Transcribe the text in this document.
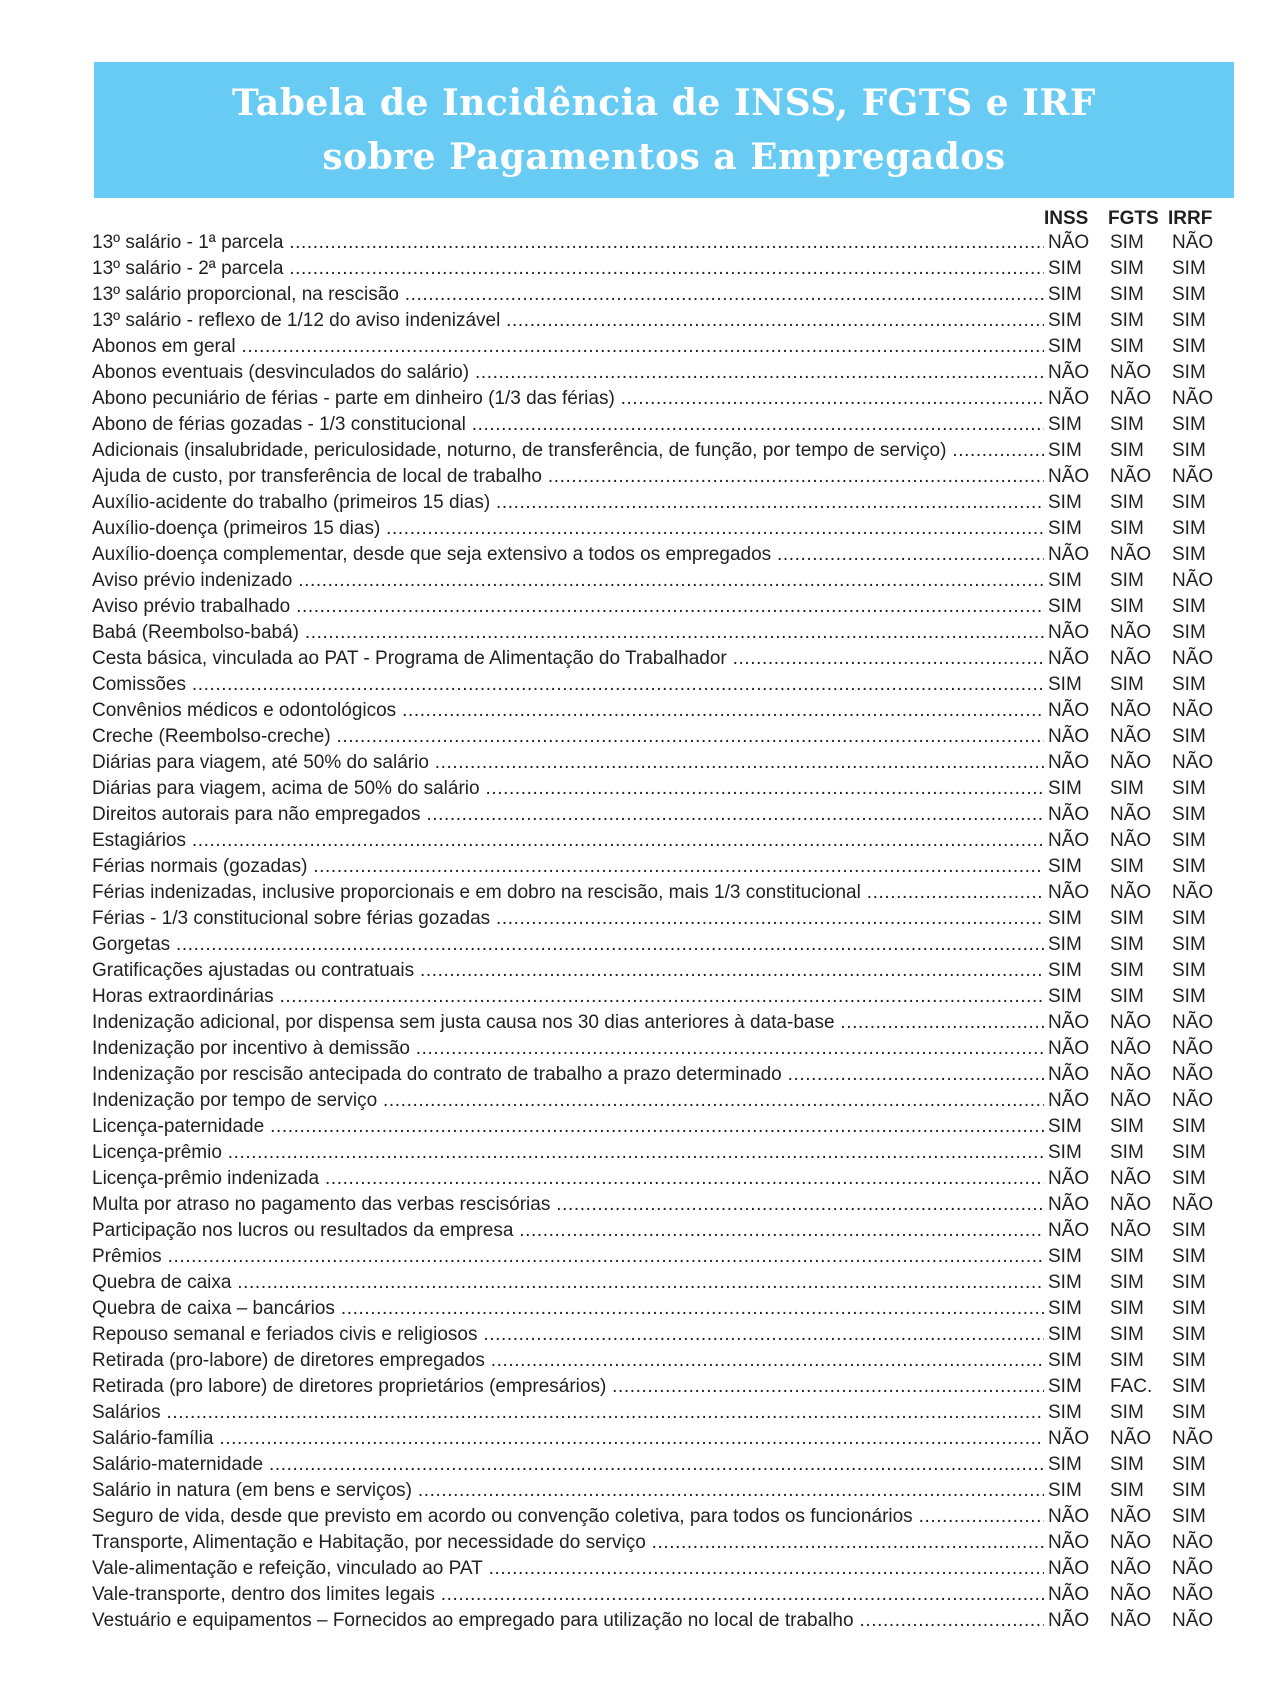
Tabela de Incidência de INSS, FGTS e IRF
sobre Pagamentos a Empregados
INSS FGTS IRRF
13º salário - 1ª parcela .....	NÃO	SIM	NÃO
13º salário - 2ª parcela .....	SIM	SIM	SIM
13º salário proporcional, na rescisão .....	SIM	SIM	SIM
13º salário - reflexo de 1/12 do aviso indenizável .....	SIM	SIM	SIM
Abonos em geral .....	SIM	SIM	SIM
Abonos eventuais (desvinculados do salário) .....	NÃO	NÃO	SIM
Abono pecuniário de férias - parte em dinheiro (1/3 das férias) .....	NÃO	NÃO	NÃO
Abono de férias gozadas - 1/3 constitucional .....	SIM	SIM	SIM
Adicionais (insalubridade, periculosidade, noturno, de transferência, de função, por tempo de serviço) .....	SIM	SIM	SIM
Ajuda de custo, por transferência de local de trabalho .....	NÃO	NÃO	NÃO
Auxílio-acidente do trabalho (primeiros 15 dias) .....	SIM	SIM	SIM
Auxílio-doença (primeiros 15 dias) .....	SIM	SIM	SIM
Auxílio-doença complementar, desde que seja extensivo a todos os empregados .....	NÃO	NÃO	SIM
Aviso prévio indenizado .....	SIM	SIM	NÃO
Aviso prévio trabalhado .....	SIM	SIM	SIM
Babá (Reembolso-babá) .....	NÃO	NÃO	SIM
Cesta básica, vinculada ao PAT - Programa de Alimentação do Trabalhador .....	NÃO	NÃO	NÃO
Comissões .....	SIM	SIM	SIM
Convênios médicos e odontológicos .....	NÃO	NÃO	NÃO
Creche (Reembolso-creche) .....	NÃO	NÃO	SIM
Diárias para viagem, até 50% do salário .....	NÃO	NÃO	NÃO
Diárias para viagem, acima de 50% do salário .....	SIM	SIM	SIM
Direitos autorais para não empregados .....	NÃO	NÃO	SIM
Estagiários .....	NÃO	NÃO	SIM
Férias normais (gozadas) .....	SIM	SIM	SIM
Férias indenizadas, inclusive proporcionais e em dobro na rescisão, mais 1/3 constitucional .....	NÃO	NÃO	NÃO
Férias - 1/3 constitucional sobre férias gozadas .....	SIM	SIM	SIM
Gorgetas .....	SIM	SIM	SIM
Gratificações ajustadas ou contratuais .....	SIM	SIM	SIM
Horas extraordinárias .....	SIM	SIM	SIM
Indenização adicional, por dispensa sem justa causa nos 30 dias anteriores à data-base .....	NÃO	NÃO	NÃO
Indenização por incentivo à demissão .....	NÃO	NÃO	NÃO
Indenização por rescisão antecipada do contrato de trabalho a prazo determinado .....	NÃO	NÃO	NÃO
Indenização por tempo de serviço .....	NÃO	NÃO	NÃO
Licença-paternidade .....	SIM	SIM	SIM
Licença-prêmio .....	SIM	SIM	SIM
Licença-prêmio indenizada .....	NÃO	NÃO	SIM
Multa por atraso no pagamento das verbas rescisórias .....	NÃO	NÃO	NÃO
Participação nos lucros ou resultados da empresa .....	NÃO	NÃO	SIM
Prêmios .....	SIM	SIM	SIM
Quebra de caixa .....	SIM	SIM	SIM
Quebra de caixa – bancários .....	SIM	SIM	SIM
Repouso semanal e feriados civis e religiosos .....	SIM	SIM	SIM
Retirada (pro-labore) de diretores empregados .....	SIM	SIM	SIM
Retirada (pro labore) de diretores proprietários (empresários) .....	SIM	FAC.	SIM
Salários .....	SIM	SIM	SIM
Salário-família .....	NÃO	NÃO	NÃO
Salário-maternidade .....	SIM	SIM	SIM
Salário in natura (em bens e serviços) .....	SIM	SIM	SIM
Seguro de vida, desde que previsto em acordo ou convenção coletiva, para todos os funcionários .....	NÃO	NÃO	SIM
Transporte, Alimentação e Habitação, por necessidade do serviço .....	NÃO	NÃO	NÃO
Vale-alimentação e refeição, vinculado ao PAT .....	NÃO	NÃO	NÃO
Vale-transporte, dentro dos limites legais .....	NÃO	NÃO	NÃO
Vestuário e equipamentos – Fornecidos ao empregado para utilização no local de trabalho .....	NÃO	NÃO	NÃO
